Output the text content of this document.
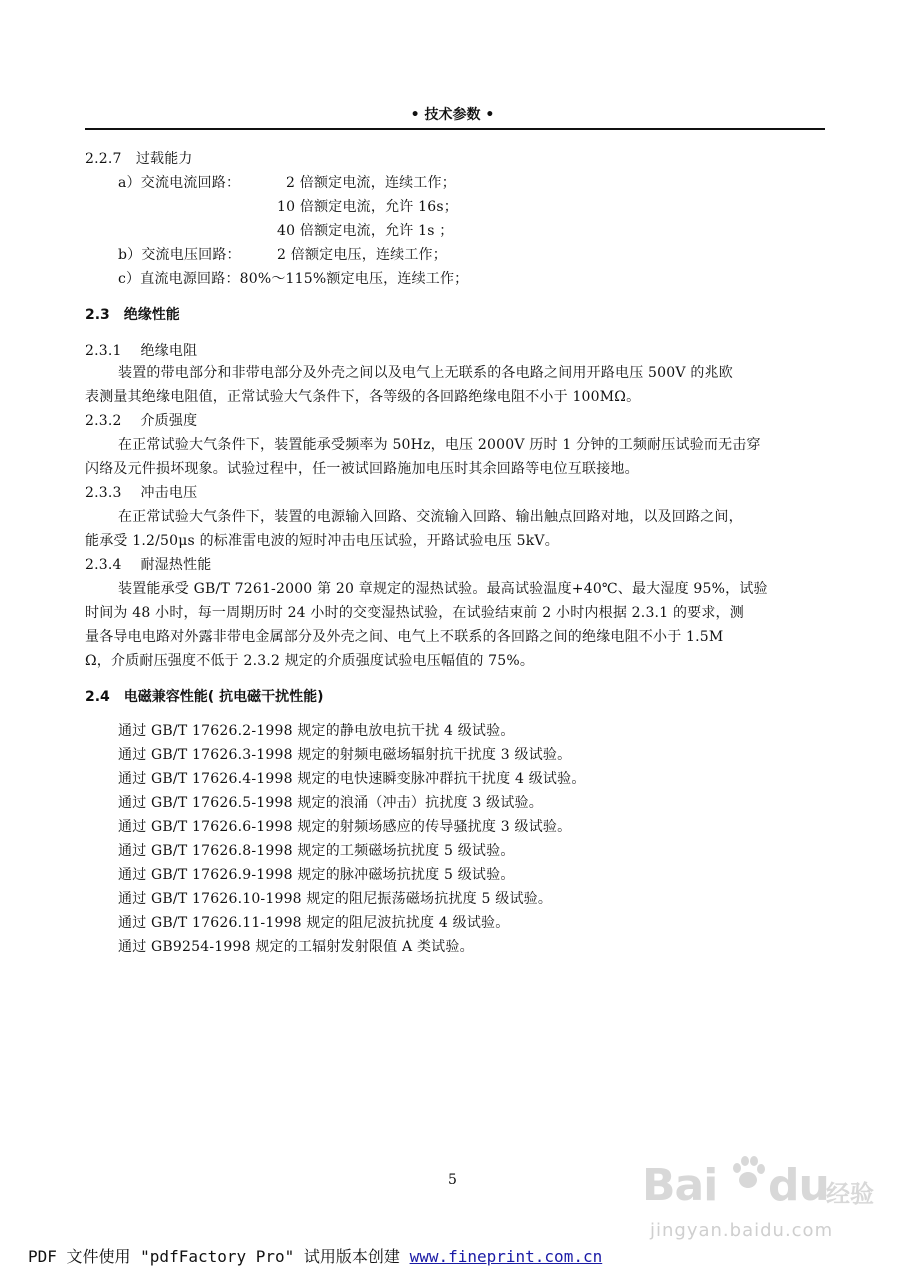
• 技术参数 •
2.2.7　过载能力
a）交流电流回路：	2 倍额定电流，连续工作；
10 倍额定电流，允许 16s；
40 倍额定电流，允许 1s ；
b）交流电压回路：	2 倍额定电压，连续工作；
c）直流电源回路：80%～115%额定电压，连续工作；
2.3　绝缘性能
2.3.1　 绝缘电阻
装置的带电部分和非带电部分及外壳之间以及电气上无联系的各电路之间用开路电压 500V 的兆欧
表测量其绝缘电阻值，正常试验大气条件下，各等级的各回路绝缘电阻不小于 100MΩ。
2.3.2　 介质强度
在正常试验大气条件下，装置能承受频率为 50Hz，电压 2000V 历时 1 分钟的工频耐压试验而无击穿
闪络及元件损坏现象。试验过程中，任一被试回路施加电压时其余回路等电位互联接地。
2.3.3　 冲击电压
在正常试验大气条件下，装置的电源输入回路、交流输入回路、输出触点回路对地，以及回路之间，
能承受 1.2/50μs 的标准雷电波的短时冲击电压试验，开路试验电压 5kV。
2.3.4　 耐湿热性能
装置能承受 GB/T 7261-2000 第 20 章规定的湿热试验。最高试验温度+40℃、最大湿度 95%，试验
时间为 48 小时，每一周期历时 24 小时的交变湿热试验，在试验结束前 2 小时内根据 2.3.1 的要求，测
量各导电电路对外露非带电金属部分及外壳之间、电气上不联系的各回路之间的绝缘电阻不小于 1.5M
Ω，介质耐压强度不低于 2.3.2 规定的介质强度试验电压幅值的 75%。
2.4　电磁兼容性能( 抗电磁干扰性能)
通过 GB/T 17626.2-1998 规定的静电放电抗干扰 4 级试验。
通过 GB/T 17626.3-1998 规定的射频电磁场辐射抗干扰度 3 级试验。
通过 GB/T 17626.4-1998 规定的电快速瞬变脉冲群抗干扰度 4 级试验。
通过 GB/T 17626.5-1998 规定的浪涌（冲击）抗扰度 3 级试验。
通过 GB/T 17626.6-1998 规定的射频场感应的传导骚扰度 3 级试验。
通过 GB/T 17626.8-1998 规定的工频磁场抗扰度 5 级试验。
通过 GB/T 17626.9-1998 规定的脉冲磁场抗扰度 5 级试验。
通过 GB/T 17626.10-1998 规定的阻尼振荡磁场抗扰度 5 级试验。
通过 GB/T 17626.11-1998 规定的阻尼波抗扰度 4 级试验。
通过 GB9254-1998 规定的工辐射发射限值 A 类试验。
5	Bai du
经验
jingyan.baidu.com
PDF 文件使用 "pdfFactory Pro" 试用版本创建 www.fineprint.com.cn
